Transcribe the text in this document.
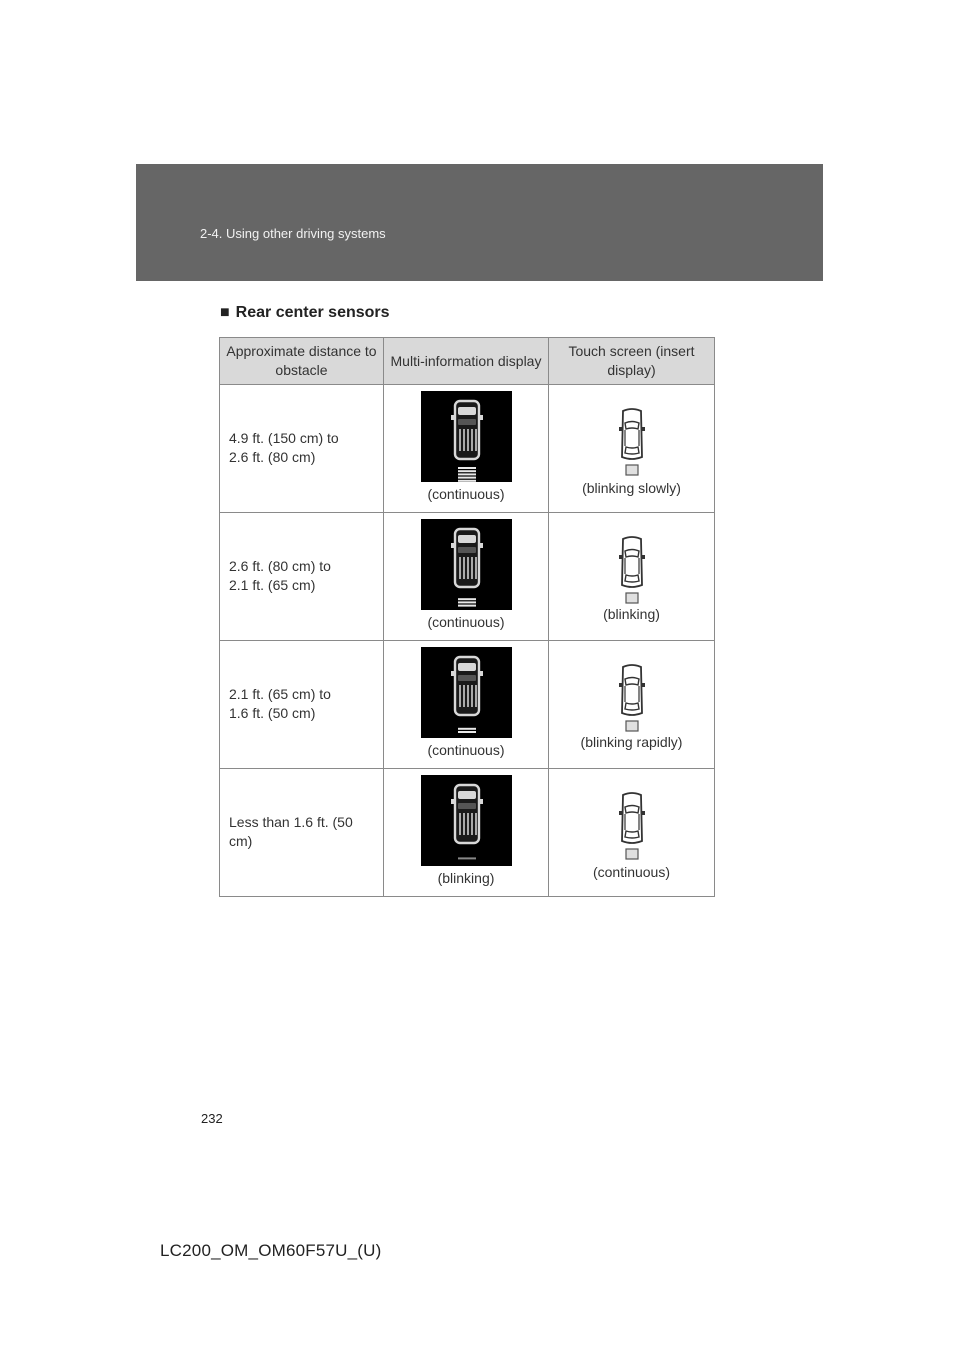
2-4. Using other driving systems
■ Rear center sensors
Approximate distance to obstacle	Multi-information display	Touch screen (insert display)

4.9 ft. (150 cm) to
2.6 ft. (80 cm)	(continuous)	(blinking slowly)

2.6 ft. (80 cm) to
2.1 ft. (65 cm)	(continuous)	(blinking)

2.1 ft. (65 cm) to
1.6 ft. (50 cm)	(continuous)	(blinking rapidly)

Less than 1.6 ft. (50
cm)	(blinking)	(continuous)
232
LC200_OM_OM60F57U_(U)
